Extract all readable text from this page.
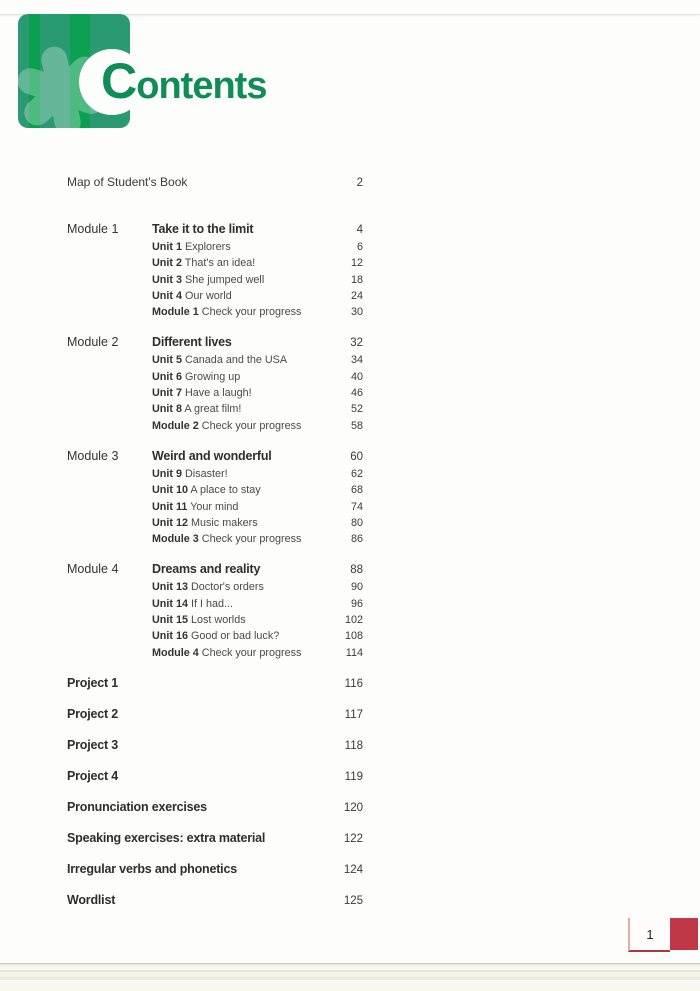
Contents
Map of Student's Book	2
Module 1	Take it to the limit	4
Unit 1 Explorers	6
Unit 2 That's an idea!	12
Unit 3 She jumped well	18
Unit 4 Our world	24
Module 1 Check your progress	30
Module 2	Different lives	32
Unit 5 Canada and the USA	34
Unit 6 Growing up	40
Unit 7 Have a laugh!	46
Unit 8 A great film!	52
Module 2 Check your progress	58
Module 3	Weird and wonderful	60
Unit 9 Disaster!	62
Unit 10 A place to stay	68
Unit 11 Your mind	74
Unit 12 Music makers	80
Module 3 Check your progress	86
Module 4	Dreams and reality	88
Unit 13 Doctor's orders	90
Unit 14 If I had...	96
Unit 15 Lost worlds	102
Unit 16 Good or bad luck?	108
Module 4 Check your progress	114
Project 1	116
Project 2	117
Project 3	118
Project 4	119
Pronunciation exercises	120
Speaking exercises: extra material	122
Irregular verbs and phonetics	124
Wordlist	125
1
